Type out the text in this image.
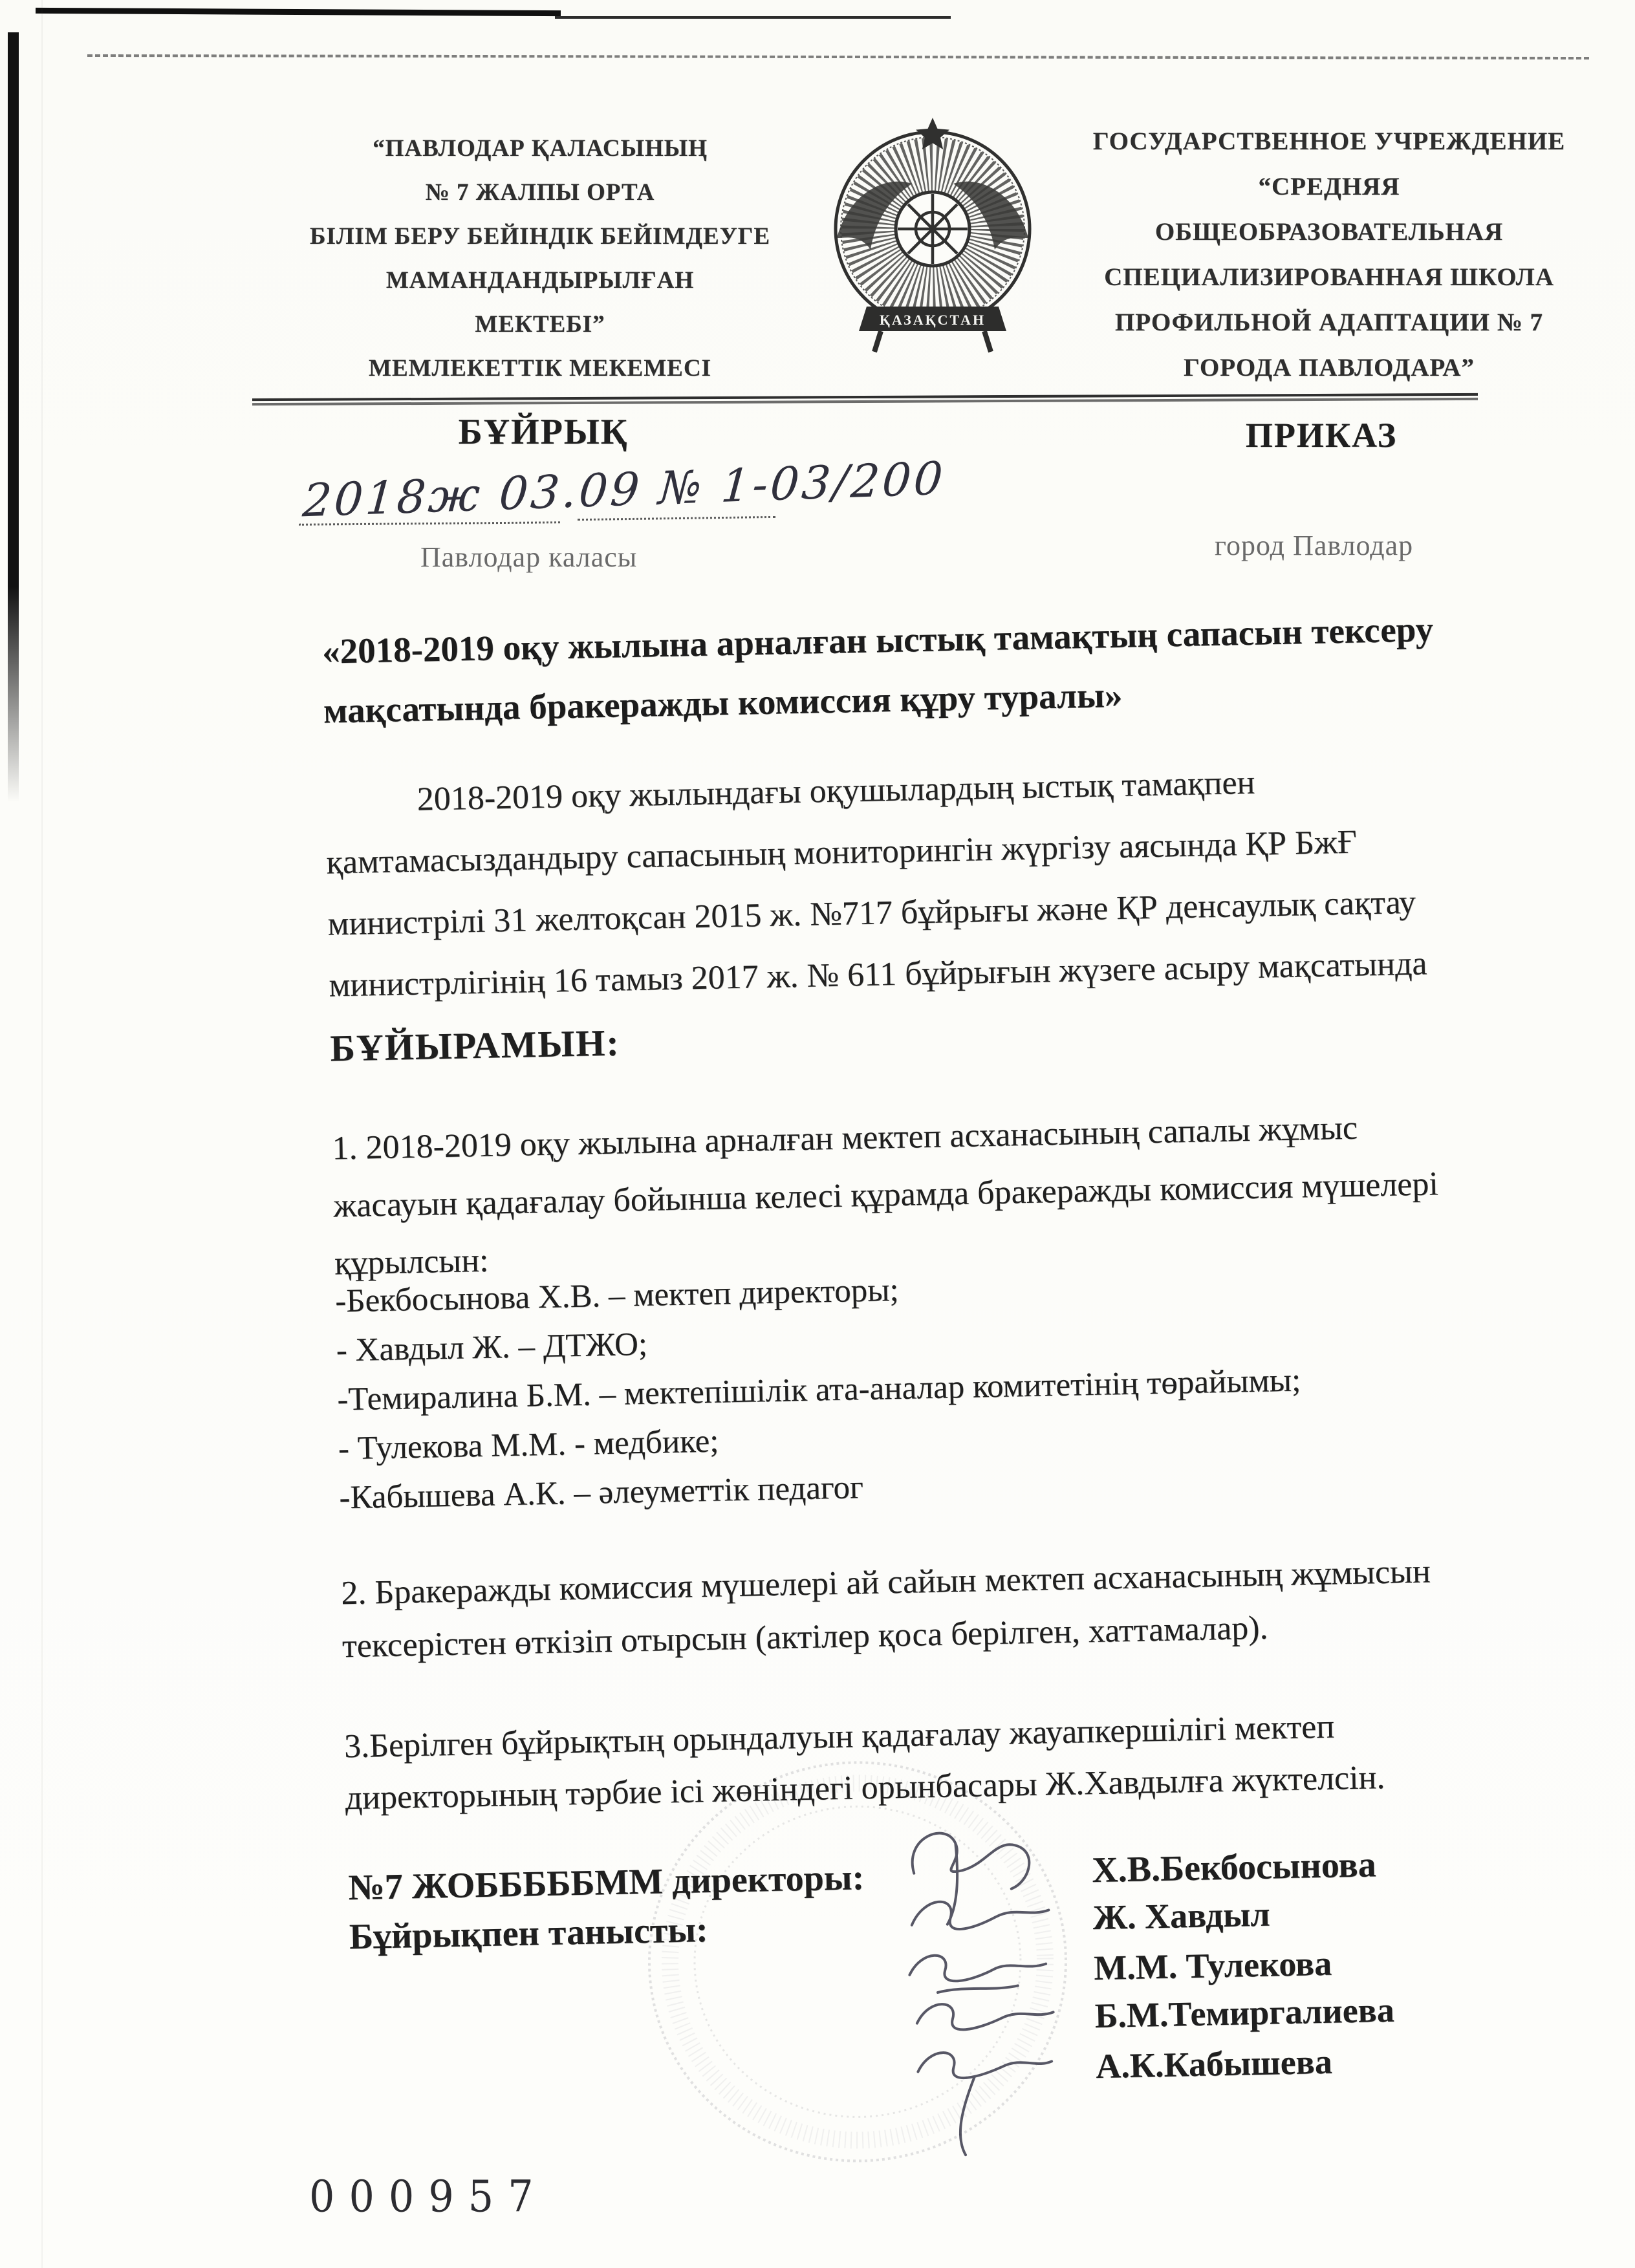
“ПАВЛОДАР ҚАЛАСЫНЫҢ
№ 7 ЖАЛПЫ ОРТА
БІЛІМ БЕРУ БЕЙІНДІК БЕЙІМДЕУГЕ
МАМАНДАНДЫРЫЛҒАН
МЕКТЕБІ”
МЕМЛЕКЕТТІК МЕКЕМЕСІ
ҚАЗАҚСТАН
ГОСУДАРСТВЕННОЕ УЧРЕЖДЕНИЕ
“СРЕДНЯЯ
ОБЩЕОБРАЗОВАТЕЛЬНАЯ
СПЕЦИАЛИЗИРОВАННАЯ ШКОЛА
ПРОФИЛЬНОЙ АДАПТАЦИИ № 7
ГОРОДА ПАВЛОДАРА”
БҰЙРЫҚ	ПРИКАЗ
2018ж 03.09 № 1-03/200
Павлодар каласы	город Павлодар
«2018-2019 оқу жылына арналған ыстық тамақтың сапасын тексеру
мақсатында бракеражды комиссия құру туралы»
2018-2019 оқу жылындағы оқушылардың ыстық тамақпен
қамтамасыздандыру сапасының мониторингін жүргізу аясында ҚР БжҒ
министрілі 31 желтоқсан 2015 ж. №717 бұйрығы және ҚР денсаулық сақтау
министрлігінің 16 тамыз 2017 ж. № 611 бұйрығын жүзеге асыру мақсатында
БҰЙЫРАМЫН:
1. 2018-2019 оқу жылына арналған мектеп асханасының сапалы жұмыс
жасауын қадағалау бойынша келесі құрамда бракеражды комиссия мүшелері
құрылсын:
-Бекбосынова Х.В. – мектеп директоры;
- Хавдыл Ж. – ДТЖО;
-Темиралина Б.М. – мектепішілік ата-аналар комитетінің төрайымы;
- Тулекова М.М. - медбике;
-Кабышева А.К. – әлеуметтік педагог
2. Бракеражды комиссия мүшелері ай сайын мектеп асханасының жұмысын
тексерістен өткізіп отырсын (актілер қоса берілген, хаттамалар).
3.Берілген бұйрықтың орындалуын қадағалау жауапкершілігі мектеп
директорының тәрбие ісі жөніндегі орынбасары Ж.Хавдылға жүктелсін.
№7 ЖОБББББММ директоры:	Х.В.Бекбосынова
Бұйрықпен танысты:	Ж. Хавдыл
М.М. Тулекова
Б.М.Темиргалиева
А.К.Кабышева
000957
